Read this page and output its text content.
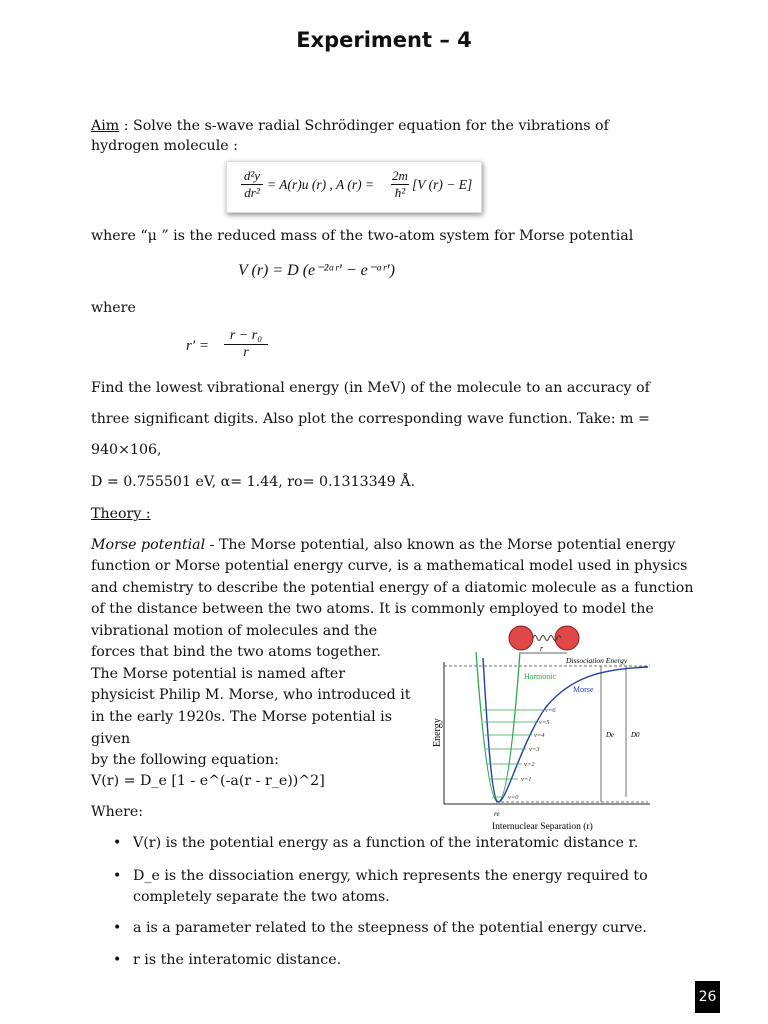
Experiment – 4
Aim : Solve the s-wave radial Schrödinger equation for the vibrations of
hydrogen molecule :
$\frac{\text{d²y}}{\text{dr²}} = A(r)u$ (r) , A $(r) = \frac{2m}{\text{ħ²}} [V$ (r) − E]
where “μ ” is the reduced mass of the two-atom system for Morse potential
V (r) = D (e⁻²ᵃʳ′ − e⁻ᵃʳ′)
where
$r' = \frac{\text{r − r₀}}{r}$
Find the lowest vibrational energy (in MeV) of the molecule to an accuracy of
three significant digits. Also plot the corresponding wave function. Take: m =
940×106,
D = 0.755501 eV, α= 1.44, ro= 0.1313349 Å.
Theory :
Morse potential - The Morse potential, also known as the Morse potential energy
function or Morse potential energy curve, is a mathematical model used in physics
and chemistry to describe the potential energy of a diatomic molecule as a function
of the distance between the two atoms. It is commonly employed to model the
vibrational motion of molecules and the
forces that bind the two atoms together.
The Morse potential is named after
physicist Philip M. Morse, who introduced it
in the early 1920s. The Morse potential is
given
by the following equation:
V(r) = D_e [1 - e^(-a(r - r_e))^2]
Where:
r
Energy
Dissociation Energy
Harmonic
Morse
v=0
v=1
v=2
v=3
v=4
v=5
v=6
De D0
re
Internuclear Separation (r)
• V(r) is the potential energy as a function of the interatomic distance r.
• D_e is the dissociation energy, which represents the energy required to
completely separate the two atoms.
• a is a parameter related to the steepness of the potential energy curve.
• r is the interatomic distance.
26
